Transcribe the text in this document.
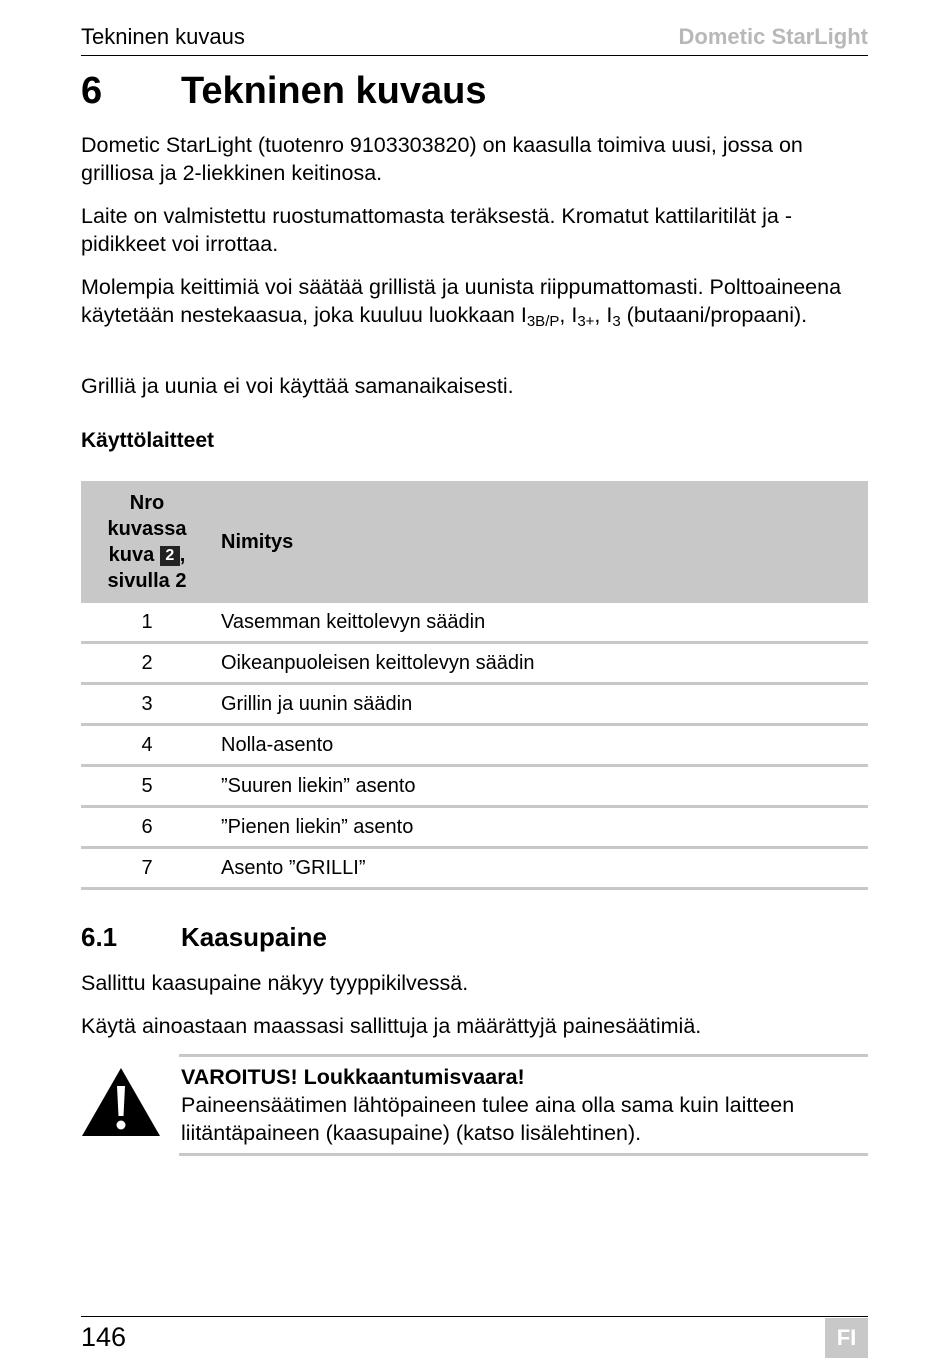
Tekninen kuvaus	Dometic StarLight
6 Tekninen kuvaus

Dometic StarLight (tuotenro 9103303820) on kaasulla toimiva uusi, jossa on grilliosa ja 2-liekkinen keitinosa.

Laite on valmistettu ruostumattomasta teräksestä. Kromatut kattilaritilät ja -pidikkeet voi irrottaa.

Molempia keittimiä voi säätää grillistä ja uunista riippumattomasti. Polttoaineena käytetään nestekaasua, joka kuuluu luokkaan $I_{3B/P}$, $I_{3+}$, $I_3$ (butaani/propaani).

Grilliä ja uunia ei voi käyttää samanaikaisesti.

Käyttölaitteet
Nro
kuvassa
kuva 2 ,
sivulla 2	Nimitys
1	Vasemman keittolevyn säädin
2	Oikeanpuoleisen keittolevyn säädin
3	Grillin ja uunin säädin
4	Nolla-asento
5	”Suuren liekin” asento
6	”Pienen liekin” asento
7	Asento ”GRILLI”
6.1 Kaasupaine

Sallittu kaasupaine näkyy tyyppikilvessä.

Käytä ainoastaan maassasi sallittuja ja määrättyjä painesäätimiä.

VAROITUS! Loukkaantumisvaara!
Paineensäätimen lähtöpaineen tulee aina olla sama kuin laitteen liitäntäpaineen (kaasupaine) (katso lisälehtinen).
146	FI
